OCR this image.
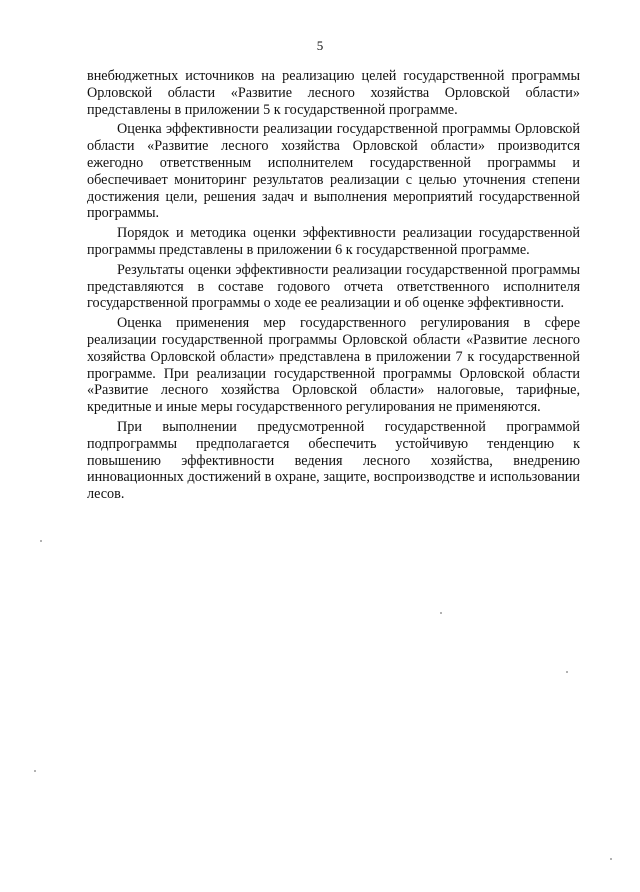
5

внебюджетных источников на реализацию целей государственной программы Орловской области «Развитие лесного хозяйства Орловской области» представлены в приложении 5 к государственной программе.

Оценка эффективности реализации государственной программы Орловской области «Развитие лесного хозяйства Орловской области» производится ежегодно ответственным исполнителем государственной программы и обеспечивает мониторинг результатов реализации с целью уточнения степени достижения цели, решения задач и выполнения мероприятий государственной программы.

Порядок и методика оценки эффективности реализации государственной программы представлены в приложении 6 к государственной программе.

Результаты оценки эффективности реализации государственной программы представляются в составе годового отчета ответственного исполнителя государственной программы о ходе ее реализации и об оценке эффективности.

Оценка применения мер государственного регулирования в сфере реализации государственной программы Орловской области «Развитие лесного хозяйства Орловской области» представлена в приложении 7 к государственной программе. При реализации государственной программы Орловской области «Развитие лесного хозяйства Орловской области» налоговые, тарифные, кредитные и иные меры государственного регулирования не применяются.

При выполнении предусмотренной государственной программой подпрограммы предполагается обеспечить устойчивую тенденцию к повышению эффективности ведения лесного хозяйства, внедрению инновационных достижений в охране, защите, воспроизводстве и использовании лесов.
